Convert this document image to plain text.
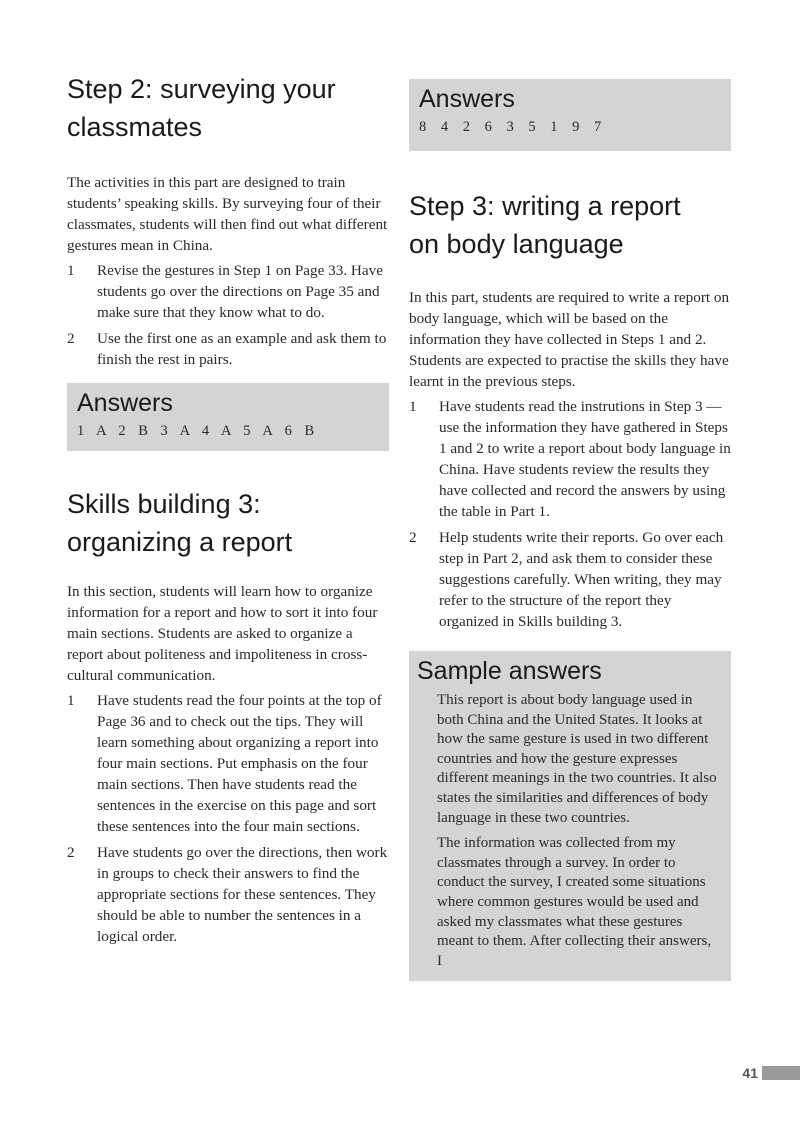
Step 2: surveying your
classmates

The activities in this part are designed to train students’ speaking skills. By surveying four of their classmates, students will then find out what different gestures mean in China.

1	Revise the gestures in Step 1 on Page 33. Have students go over the directions on Page 35 and make sure that they know what to do.
2	Use the first one as an example and ask them to finish the rest in pairs.
Answers
1 A 2 B 3 A 4 A 5 A 6 B
Skills building 3:
organizing a report

In this section, students will learn how to organize information for a report and how to sort it into four main sections. Students are asked to organize a report about politeness and impoliteness in cross-cultural communication.

1	Have students read the four points at the top of Page 36 and to check out the tips. They will learn something about organizing a report into four main sections. Put emphasis on the four main sections. Then have students read the sentences in the exercise on this page and sort these sentences into the four main sections.
2	Have students go over the directions, then work in groups to check their answers to find the appropriate sections for these sentences. They should be able to number the sentences in a logical order.
Answers
8 4 2 6 3 5 1 9 7
Step 3: writing a report
on body language

In this part, students are required to write a report on body language, which will be based on the information they have collected in Steps 1 and 2. Students are expected to practise the skills they have learnt in the previous steps.

1	Have students read the instrutions in Step 3 — use the information they have gathered in Steps 1 and 2 to write a report about body language in China. Have students review the results they have collected and record the answers by using the table in Part 1.
2	Help students write their reports. Go over each step in Part 2, and ask them to consider these suggestions carefully. When writing, they may refer to the structure of the report they organized in Skills building 3.
Sample answers

This report is about body language used in both China and the United States. It looks at how the same gesture is used in two different countries and how the gesture expresses different meanings in the two countries. It also states the similarities and differences of body language in these two countries.

The information was collected from my classmates through a survey. In order to conduct the survey, I created some situations where common gestures would be used and asked my classmates what these gestures meant to them. After collecting their answers, I

41
